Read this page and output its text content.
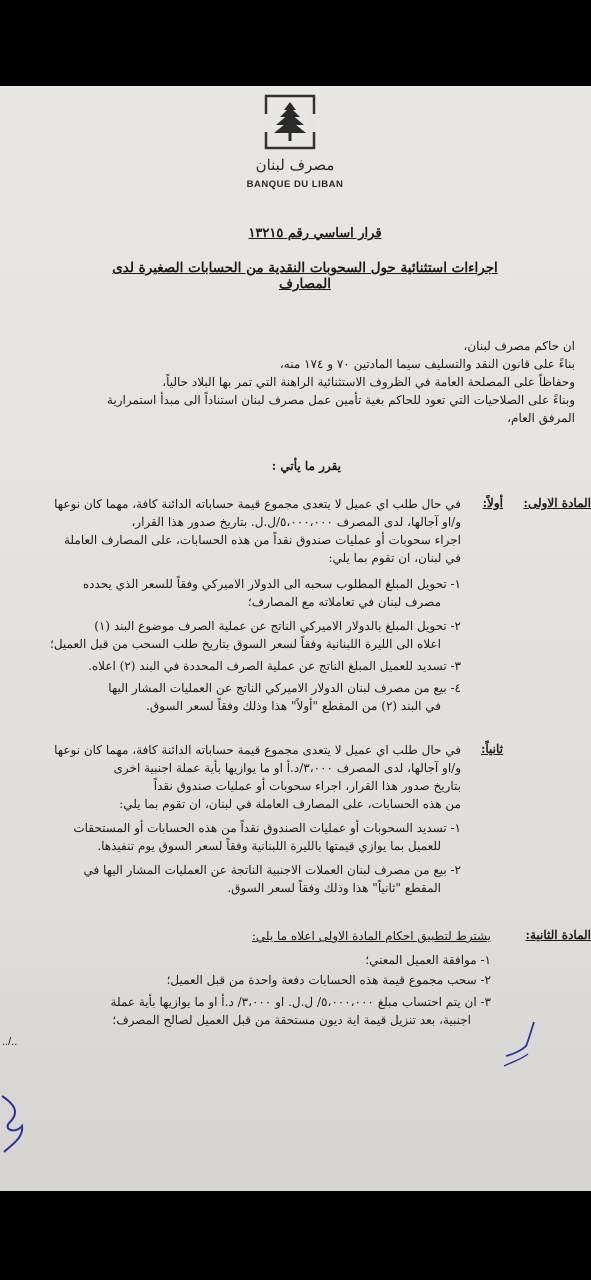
مصرف لبنان
BANQUE DU LIBAN
قرار اساسي رقم ١٣٢١٥
اجراءات استثنائية حول السحوبات النقدية من الحسابات الصغيرة لدى المصارف
ان حاكم مصرف لبنان،
بناءً على قانون النقد والتسليف سيما المادتين ٧٠ و ١٧٤ منه،
وحفاظاً على المصلحة العامة في الظروف الاستثنائية الراهنة التي تمر بها البلاد حالياً،
وبناءً على الصلاحيات التي تعود للحاكم بغية تأمين عمل مصرف لبنان استناداً الى مبدأ استمرارية
المرفق العام،
يقرر ما يأتي :
المادة الاولى:
أولاً:
في حال طلب اي عميل لا يتعدى مجموع قيمة حساباته الدائنة كافة، مهما كان نوعها
و/او آجالها، لدى المصرف ٥،٠٠٠،٠٠٠/ل.ل. بتاريخ صدور هذا القرار،
اجراء سحوبات أو عمليات صندوق نقداً من هذه الحسابات، على المصارف العاملة
في لبنان، ان تقوم بما يلي:
١- تحويل المبلغ المطلوب سحبه الى الدولار الاميركي وفقاً للسعر الذي يحدده
مصرف لبنان في تعاملاته مع المصارف؛
٢- تحويل المبلغ بالدولار الاميركي الناتج عن عملية الصرف موضوع البند (١)
اعلاه الى الليرة اللبنانية وفقاً لسعر السوق بتاريخ طلب السحب من قبل العميل؛
٣- تسديد للعميل المبلغ الناتج عن عملية الصرف المحددة في البند (٢) اعلاه.
٤- بيع من مصرف لبنان الدولار الاميركي الناتج عن العمليات المشار اليها
في البند (٢) من المقطع "أولاً" هذا وذلك وفقاً لسعر السوق.
ثانياً:
في حال طلب اي عميل لا يتعدى مجموع قيمة حساباته الدائنة كافة، مهما كان نوعها
و/او آجالها، لدى المصرف ٣،٠٠٠/د.أ او ما يوازيها بأية عملة اجنبية اخرى
بتاريخ صدور هذا القرار، اجراء سحوبات أو عمليات صندوق نقداً
من هذه الحسابات، على المصارف العاملة في لبنان، ان تقوم بما يلي:
١- تسديد السحوبات أو عمليات الصندوق نقداً من هذه الحسابات أو المستحقات
للعميل بما يوازي قيمتها بالليرة اللبنانية وفقاً لسعر السوق يوم تنفيذها.
٢- بيع من مصرف لبنان العملات الاجنبية الناتجة عن العمليات المشار اليها في
المقطع "ثانياً" هذا وذلك وفقاً لسعر السوق.
المادة الثانية:
يشترط لتطبيق احكام المادة الاولى اعلاه ما يلي:
١- موافقة العميل المعني؛
٢- سحب مجموع قيمة هذه الحسابات دفعة واحدة من قبل العميل؛
٣- ان يتم احتساب مبلغ ٥،٠٠٠،٠٠٠/ ل.ل. او ٣،٠٠٠/ د.أ او ما يوازيها بأية عملة
اجنبية، بعد تنزيل قيمة اية ديون مستحقة من قبل العميل لصالح المصرف؛
../..
